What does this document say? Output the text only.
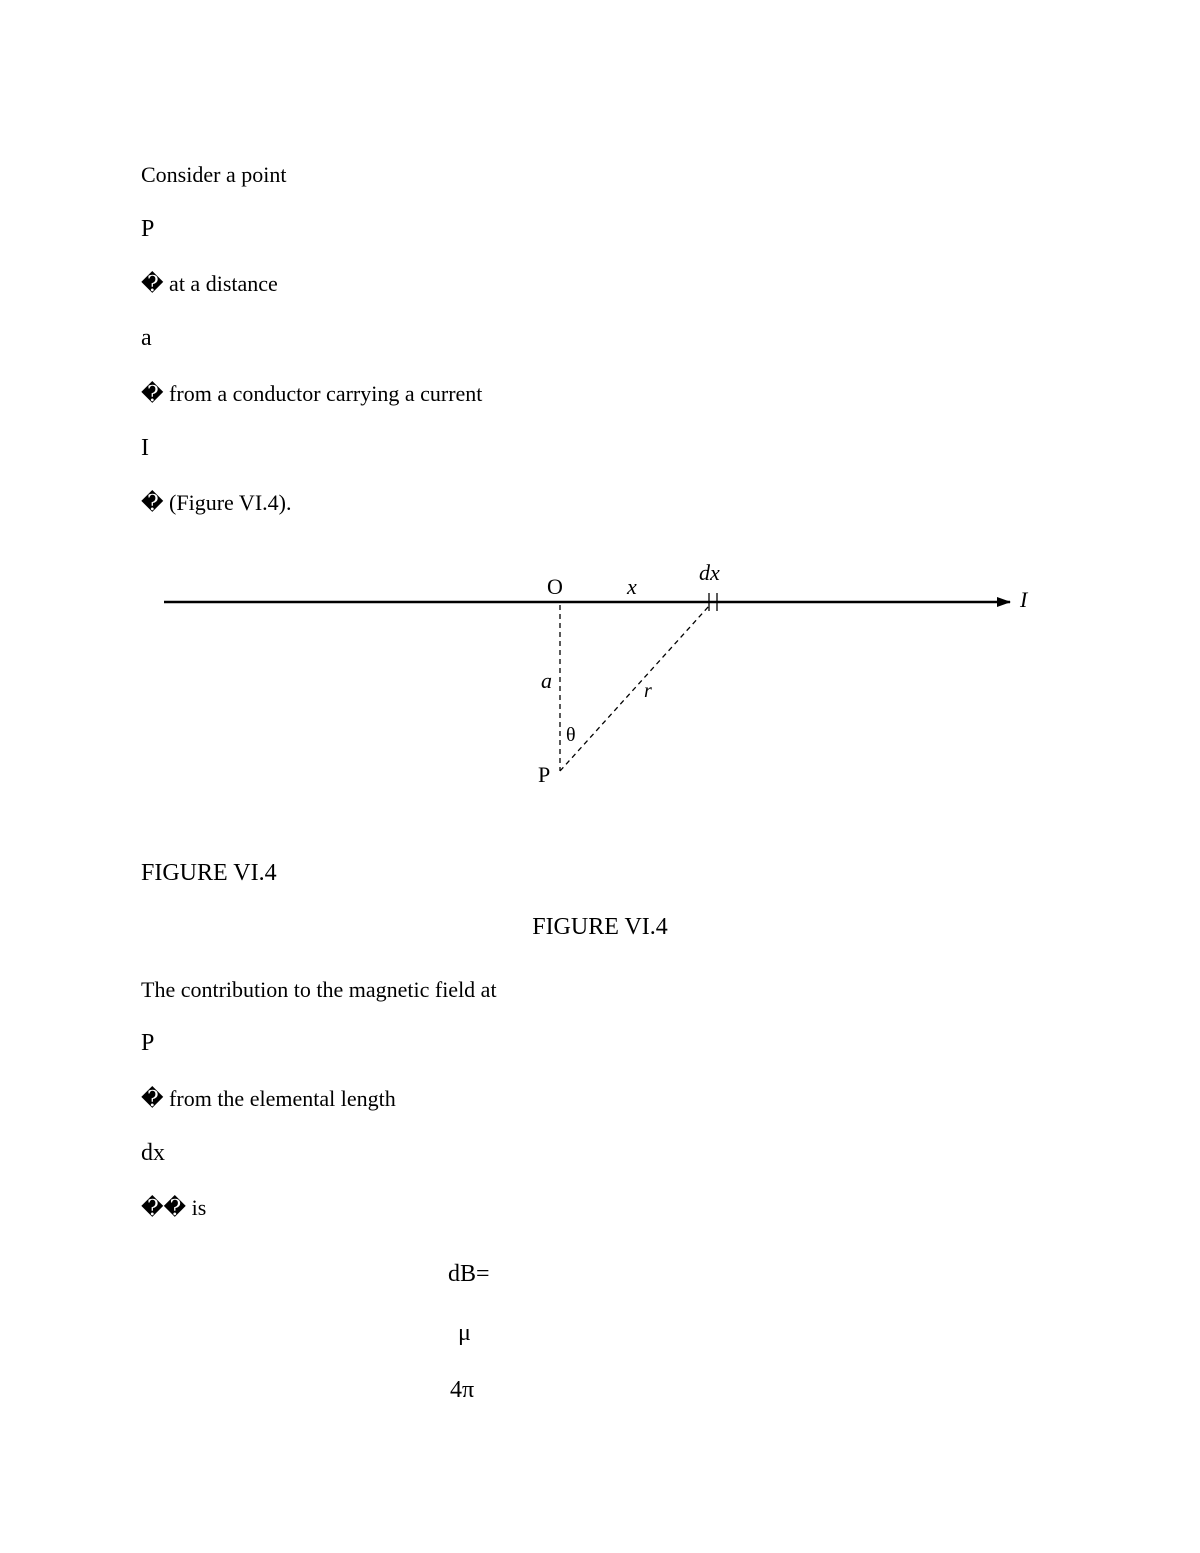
Consider a point

P

� at a distance

a

� from a conductor carrying a current

I

� (Figure VI.4).

O	x
dx
I
a	r
θ
P

FIGURE VI.4

FIGURE VI.4

The contribution to the magnetic field at

P

� from the elemental length

dx

�� is

dB=

μ

4π
